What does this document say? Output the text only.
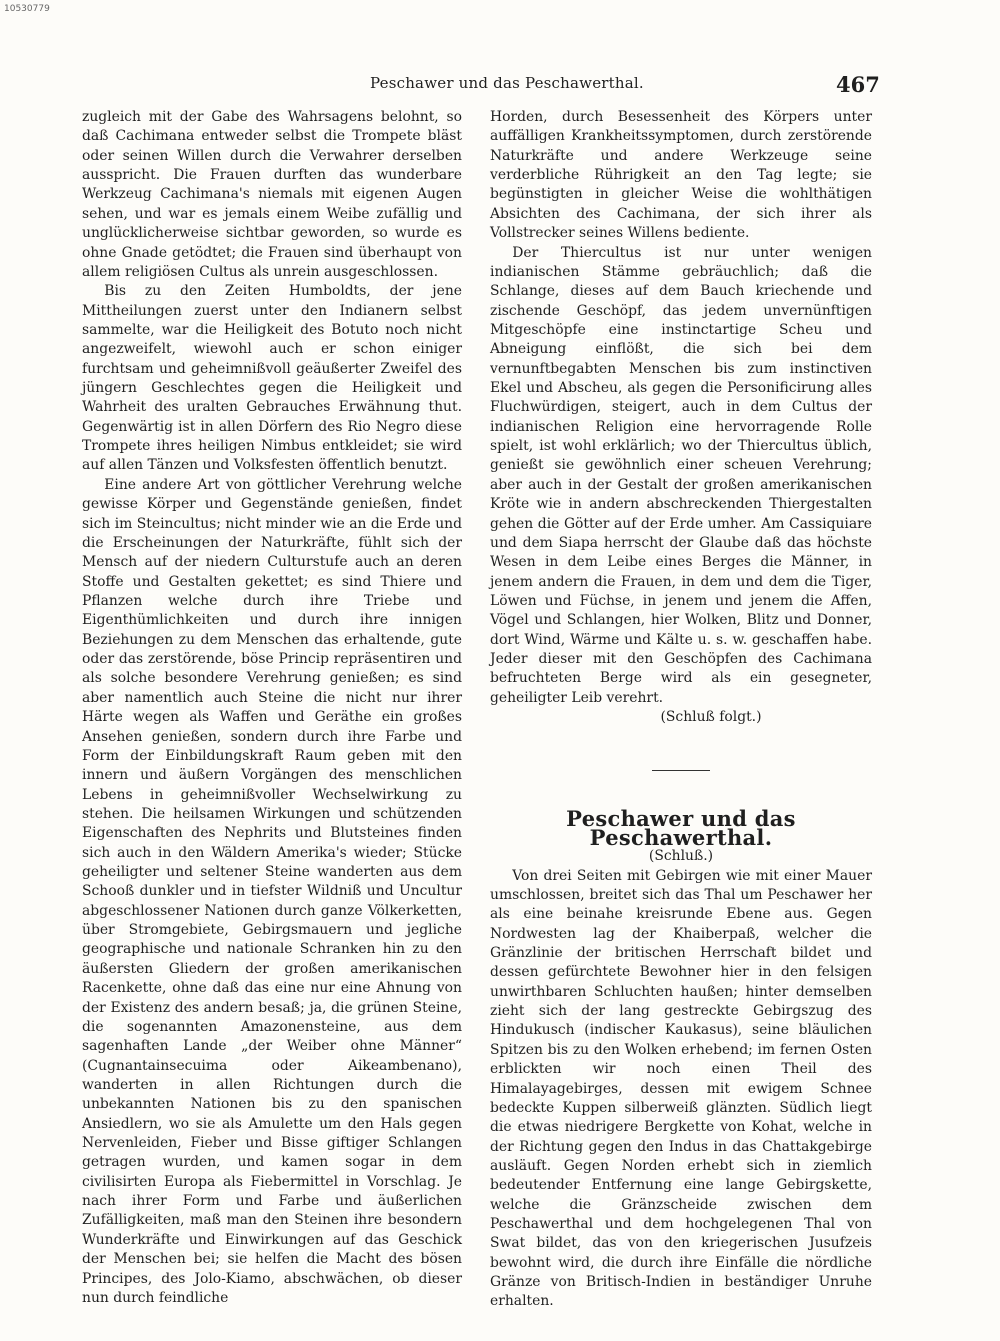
10530779
Peschawer und das Peschawerthal.	467

zugleich mit der Gabe des Wahrsagens belohnt, so daß Cachimana entweder selbst die Trompete bläst oder seinen Willen durch die Verwahrer derselben ausspricht. Die Frauen durften das wunderbare Werkzeug Cachimana's niemals mit eigenen Augen sehen, und war es jemals einem Weibe zufällig und unglücklicherweise sichtbar geworden, so wurde es ohne Gnade getödtet; die Frauen sind überhaupt von allem religiösen Cultus als unrein ausgeschlossen.

Bis zu den Zeiten Humboldts, der jene Mittheilungen zuerst unter den Indianern selbst sammelte, war die Heiligkeit des Botuto noch nicht angezweifelt, wiewohl auch er schon einiger furchtsam und geheimnißvoll geäußerter Zweifel des jüngern Geschlechtes gegen die Heiligkeit und Wahrheit des uralten Gebrauches Erwähnung thut. Gegenwärtig ist in allen Dörfern des Rio Negro diese Trompete ihres heiligen Nimbus entkleidet; sie wird auf allen Tänzen und Volksfesten öffentlich benutzt.

Eine andere Art von göttlicher Verehrung welche gewisse Körper und Gegenstände genießen, findet sich im Steincultus; nicht minder wie an die Erde und die Erscheinungen der Naturkräfte, fühlt sich der Mensch auf der niedern Culturstufe auch an deren Stoffe und Gestalten gekettet; es sind Thiere und Pflanzen welche durch ihre Triebe und Eigenthümlichkeiten und durch ihre innigen Beziehungen zu dem Menschen das erhaltende, gute oder das zerstörende, böse Princip repräsentiren und als solche besondere Verehrung genießen; es sind aber namentlich auch Steine die nicht nur ihrer Härte wegen als Waffen und Geräthe ein großes Ansehen genießen, sondern durch ihre Farbe und Form der Einbildungskraft Raum geben mit den innern und äußern Vorgängen des menschlichen Lebens in geheimnißvoller Wechselwirkung zu stehen. Die heilsamen Wirkungen und schützenden Eigenschaften des Nephrits und Blutsteines finden sich auch in den Wäldern Amerika's wieder; Stücke geheiligter und seltener Steine wanderten aus dem Schooß dunkler und in tiefster Wildniß und Uncultur abgeschlossener Nationen durch ganze Völkerketten, über Stromgebiete, Gebirgsmauern und jegliche geographische und nationale Schranken hin zu den äußersten Gliedern der großen amerikanischen Racenkette, ohne daß das eine nur eine Ahnung von der Existenz des andern besaß; ja, die grünen Steine, die sogenannten Amazonensteine, aus dem sagenhaften Lande „der Weiber ohne Männer“ (Cugnantainsecuima oder Aikeambenano), wanderten in allen Richtungen durch die unbekannten Nationen bis zu den spanischen Ansiedlern, wo sie als Amulette um den Hals gegen Nervenleiden, Fieber und Bisse giftiger Schlangen getragen wurden, und kamen sogar in dem civilisirten Europa als Fiebermittel in Vorschlag. Je nach ihrer Form und Farbe und äußerlichen Zufälligkeiten, maß man den Steinen ihre besondern Wunderkräfte und Einwirkungen auf das Geschick der Menschen bei; sie helfen die Macht des bösen Principes, des Jolo-Kiamo, abschwächen, ob dieser nun durch feindliche

Horden, durch Besessenheit des Körpers unter auffälligen Krankheitssymptomen, durch zerstörende Naturkräfte und andere Werkzeuge seine verderbliche Rührigkeit an den Tag legte; sie begünstigten in gleicher Weise die wohlthätigen Absichten des Cachimana, der sich ihrer als Vollstrecker seines Willens bediente.

Der Thiercultus ist nur unter wenigen indianischen Stämme gebräuchlich; daß die Schlange, dieses auf dem Bauch kriechende und zischende Geschöpf, das jedem unvernünftigen Mitgeschöpfe eine instinctartige Scheu und Abneigung einflößt, die sich bei dem vernunftbegabten Menschen bis zum instinctiven Ekel und Abscheu, als gegen die Personificirung alles Fluchwürdigen, steigert, auch in dem Cultus der indianischen Religion eine hervorragende Rolle spielt, ist wohl erklärlich; wo der Thiercultus üblich, genießt sie gewöhnlich einer scheuen Verehrung; aber auch in der Gestalt der großen amerikanischen Kröte wie in andern abschreckenden Thiergestalten gehen die Götter auf der Erde umher. Am Cassiquiare und dem Siapa herrscht der Glaube daß das höchste Wesen in dem Leibe eines Berges die Männer, in jenem andern die Frauen, in dem und dem die Tiger, Löwen und Füchse, in jenem und jenem die Affen, Vögel und Schlangen, hier Wolken, Blitz und Donner, dort Wind, Wärme und Kälte u. s. w. geschaffen habe. Jeder dieser mit den Geschöpfen des Cachimana befruchteten Berge wird als ein gesegneter, geheiligter Leib verehrt.

(Schluß folgt.)

Peschawer und das Peschawerthal.

(Schluß.)

Von drei Seiten mit Gebirgen wie mit einer Mauer umschlossen, breitet sich das Thal um Peschawer her als eine beinahe kreisrunde Ebene aus. Gegen Nordwesten lag der Khaiberpaß, welcher die Gränzlinie der britischen Herrschaft bildet und dessen gefürchtete Bewohner hier in den felsigen unwirthbaren Schluchten haußen; hinter demselben zieht sich der lang gestreckte Gebirgszug des Hindukusch (indischer Kaukasus), seine bläulichen Spitzen bis zu den Wolken erhebend; im fernen Osten erblickten wir noch einen Theil des Himalayagebirges, dessen mit ewigem Schnee bedeckte Kuppen silberweiß glänzten. Südlich liegt die etwas niedrigere Bergkette von Kohat, welche in der Richtung gegen den Indus in das Chattakgebirge ausläuft. Gegen Norden erhebt sich in ziemlich bedeutender Entfernung eine lange Gebirgskette, welche die Gränzscheide zwischen dem Peschawerthal und dem hochgelegenen Thal von Swat bildet, das von den kriegerischen Jusufzeis bewohnt wird, die durch ihre Einfälle die nördliche Gränze von Britisch-Indien in beständiger Unruhe erhalten.
